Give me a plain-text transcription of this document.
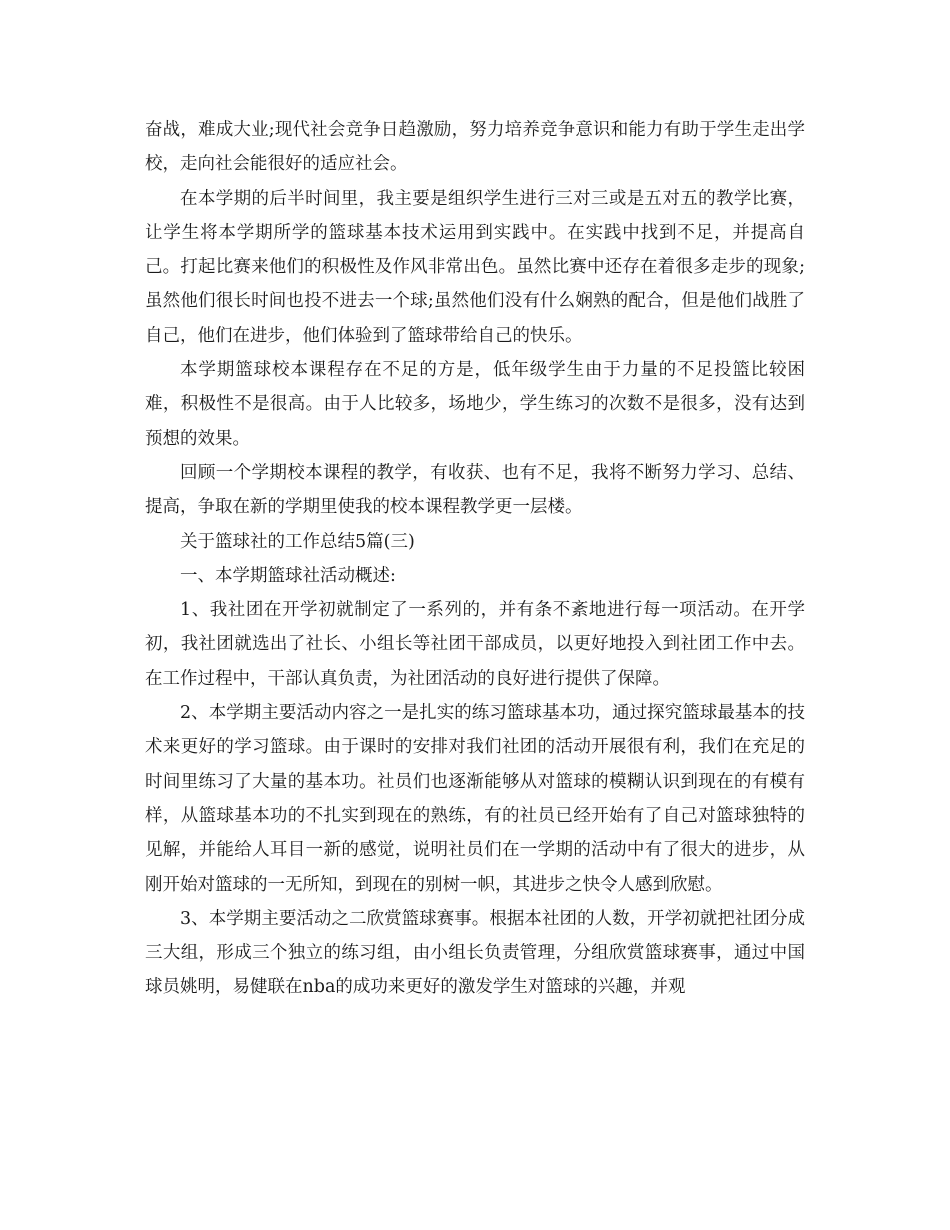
奋战，难成大业;现代社会竞争日趋激励，努力培养竞争意识和能力有助于学生走出学校，走向社会能很好的适应社会。

在本学期的后半时间里，我主要是组织学生进行三对三或是五对五的教学比赛，让学生将本学期所学的篮球基本技术运用到实践中。在实践中找到不足，并提高自己。打起比赛来他们的积极性及作风非常出色。虽然比赛中还存在着很多走步的现象;虽然他们很长时间也投不进去一个球;虽然他们没有什么娴熟的配合，但是他们战胜了自己，他们在进步，他们体验到了篮球带给自己的快乐。

本学期篮球校本课程存在不足的方是，低年级学生由于力量的不足投篮比较困难，积极性不是很高。由于人比较多，场地少，学生练习的次数不是很多，没有达到预想的效果。

回顾一个学期校本课程的教学，有收获、也有不足，我将不断努力学习、总结、提高，争取在新的学期里使我的校本课程教学更一层楼。

关于篮球社的工作总结5篇(三)

一、本学期篮球社活动概述:

1、我社团在开学初就制定了一系列的，并有条不紊地进行每一项活动。在开学初，我社团就选出了社长、小组长等社团干部成员，以更好地投入到社团工作中去。在工作过程中，干部认真负责，为社团活动的良好进行提供了保障。

2、本学期主要活动内容之一是扎实的练习篮球基本功，通过探究篮球最基本的技术来更好的学习篮球。由于课时的安排对我们社团的活动开展很有利，我们在充足的时间里练习了大量的基本功。社员们也逐渐能够从对篮球的模糊认识到现在的有模有样，从篮球基本功的不扎实到现在的熟练，有的社员已经开始有了自己对篮球独特的见解，并能给人耳目一新的感觉，说明社员们在一学期的活动中有了很大的进步，从刚开始对篮球的一无所知，到现在的别树一帜，其进步之快令人感到欣慰。

3、本学期主要活动之二欣赏篮球赛事。根据本社团的人数，开学初就把社团分成三大组，形成三个独立的练习组，由小组长负责管理，分组欣赏篮球赛事，通过中国球员姚明，易健联在nba的成功来更好的激发学生对篮球的兴趣，并观
